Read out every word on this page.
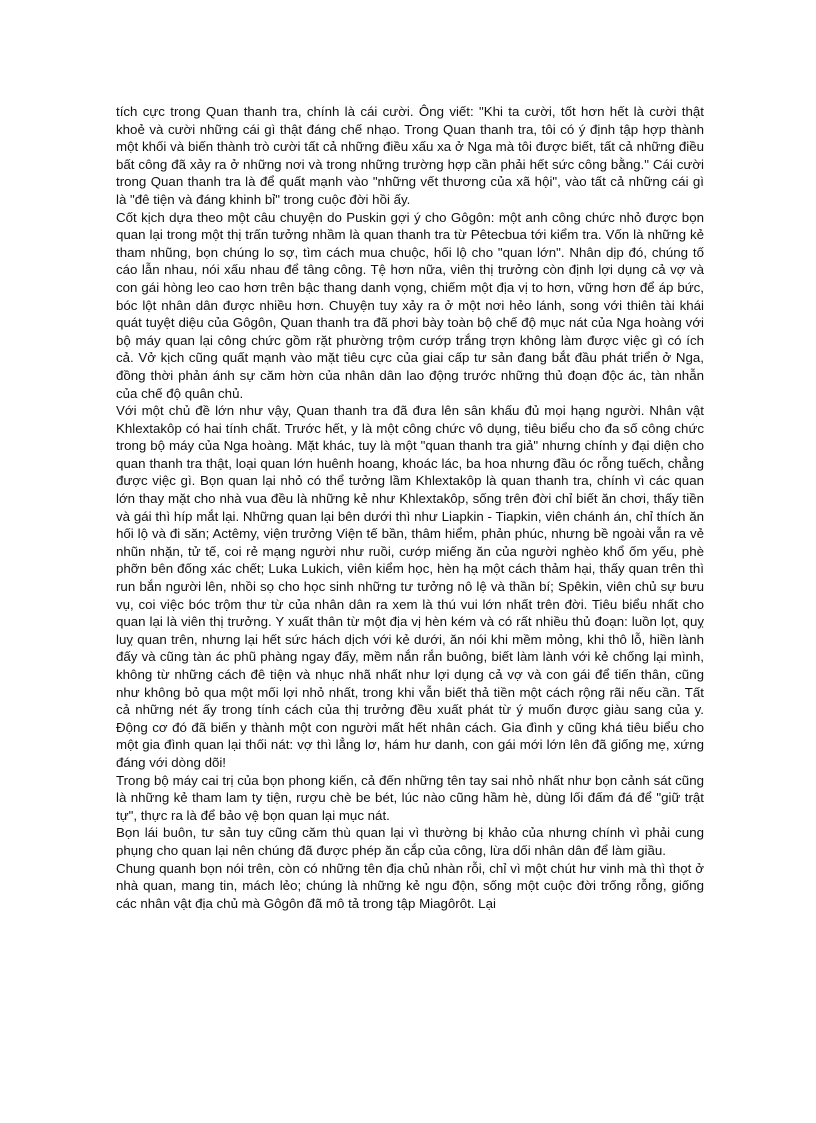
tích cực trong Quan thanh tra, chính là cái cười. Ông viết: "Khi ta cười, tốt hơn hết là cười thật khoẻ và cười những cái gì thật đáng chế nhạo. Trong Quan thanh tra, tôi có ý định tập hợp thành một khối và biến thành trò cười tất cả những điều xấu xa ở Nga mà tôi được biết, tất cả những điều bất công đã xảy ra ở những nơi và trong những trường hợp cần phải hết sức công bằng." Cái cười trong Quan thanh tra là để quất mạnh vào "những vết thương của xã hội", vào tất cả những cái gì là "đê tiện và đáng khinh bỉ" trong cuộc đời hồi ấy.

Cốt kịch dựa theo một câu chuyện do Puskin gợi ý cho Gôgôn: một anh công chức nhỏ được bọn quan lại trong một thị trấn tưởng nhầm là quan thanh tra từ Pêtecbua tới kiểm tra. Vốn là những kẻ tham nhũng, bọn chúng lo sợ, tìm cách mua chuộc, hối lộ cho "quan lớn". Nhân dịp đó, chúng tố cáo lẫn nhau, nói xấu nhau để tâng công. Tệ hơn nữa, viên thị trưởng còn định lợi dụng cả vợ và con gái hòng leo cao hơn trên bậc thang danh vọng, chiếm một địa vị to hơn, vững hơn để áp bức, bóc lột nhân dân được nhiều hơn. Chuyện tuy xảy ra ở một nơi hẻo lánh, song với thiên tài khái quát tuyệt diệu của Gôgôn, Quan thanh tra đã phơi bày toàn bộ chế độ mục nát của Nga hoàng với bộ máy quan lại công chức gồm rặt phường trộm cướp trắng trợn không làm được việc gì có ích cả. Vở kịch cũng quất mạnh vào mặt tiêu cực của giai cấp tư sản đang bắt đầu phát triển ở Nga, đồng thời phản ánh sự căm hờn của nhân dân lao động trước những thủ đoạn độc ác, tàn nhẫn của chế độ quân chủ.

Với một chủ đề lớn như vậy, Quan thanh tra đã đưa lên sân khấu đủ mọi hạng người. Nhân vật Khlextakôp có hai tính chất. Trước hết, y là một công chức vô dụng, tiêu biểu cho đa số công chức trong bộ máy của Nga hoàng. Mặt khác, tuy là một "quan thanh tra giả" nhưng chính y đại diện cho quan thanh tra thật, loại quan lớn huênh hoang, khoác lác, ba hoa nhưng đầu óc rỗng tuếch, chẳng được việc gì. Bọn quan lại nhỏ có thể tưởng lầm Khlextakôp là quan thanh tra, chính vì các quan lớn thay mặt cho nhà vua đều là những kẻ như Khlextakôp, sống trên đời chỉ biết ăn chơi, thấy tiền và gái thì híp mắt lại. Những quan lại bên dưới thì như Liapkin - Tiapkin, viên chánh án, chỉ thích ăn hối lộ và đi săn; Actêmy, viện trưởng Viện tế bần, thâm hiểm, phản phúc, nhưng bề ngoài vẫn ra vẻ nhũn nhặn, tử tế, coi rẻ mạng người như ruồi, cướp miếng ăn của người nghèo khổ ốm yếu, phè phỡn bên đống xác chết; Luka Lukich, viên kiểm học, hèn hạ một cách thảm hại, thấy quan trên thì run bắn người lên, nhồi sọ cho học sinh những tư tưởng nô lệ và thần bí; Spêkin, viên chủ sự bưu vụ, coi việc bóc trộm thư từ của nhân dân ra xem là thú vui lớn nhất trên đời. Tiêu biểu nhất cho quan lại là viên thị trưởng. Y xuất thân từ một địa vị hèn kém và có rất nhiều thủ đoạn: luồn lọt, quỵ luỵ quan trên, nhưng lại hết sức hách dịch với kẻ dưới, ăn nói khi mềm mỏng, khi thô lỗ, hiền lành đấy và cũng tàn ác phũ phàng ngay đấy, mềm nắn rắn buông, biết làm lành với kẻ chống lại mình, không từ những cách đê tiện và nhục nhã nhất như lợi dụng cả vợ và con gái để tiến thân, cũng như không bỏ qua một mối lợi nhỏ nhất, trong khi vẫn biết thả tiền một cách rộng rãi nếu cần. Tất cả những nét ấy trong tính cách của thị trưởng đều xuất phát từ ý muốn được giàu sang của y. Động cơ đó đã biến y thành một con người mất hết nhân cách. Gia đình y cũng khá tiêu biểu cho một gia đình quan lại thối nát: vợ thì lẳng lơ, hám hư danh, con gái mới lớn lên đã giống mẹ, xứng đáng với dòng dõi!

Trong bộ máy cai trị của bọn phong kiến, cả đến những tên tay sai nhỏ nhất như bọn cảnh sát cũng là những kẻ tham lam ty tiện, rượu chè be bét, lúc nào cũng hầm hè, dùng lối đấm đá để "giữ trật tự", thực ra là để bảo vệ bọn quan lại mục nát.

Bọn lái buôn, tư sản tuy cũng căm thù quan lại vì thường bị khảo của nhưng chính vì phải cung phụng cho quan lại nên chúng đã được phép ăn cắp của công, lừa dối nhân dân để làm giầu.

Chung quanh bọn nói trên, còn có những tên địa chủ nhàn rỗi, chỉ vì một chút hư vinh mà thì thọt ở nhà quan, mang tin, mách lẻo; chúng là những kẻ ngu độn, sống một cuộc đời trống rỗng, giống các nhân vật địa chủ mà Gôgôn đã mô tả trong tập Miagôrôt. Lại
